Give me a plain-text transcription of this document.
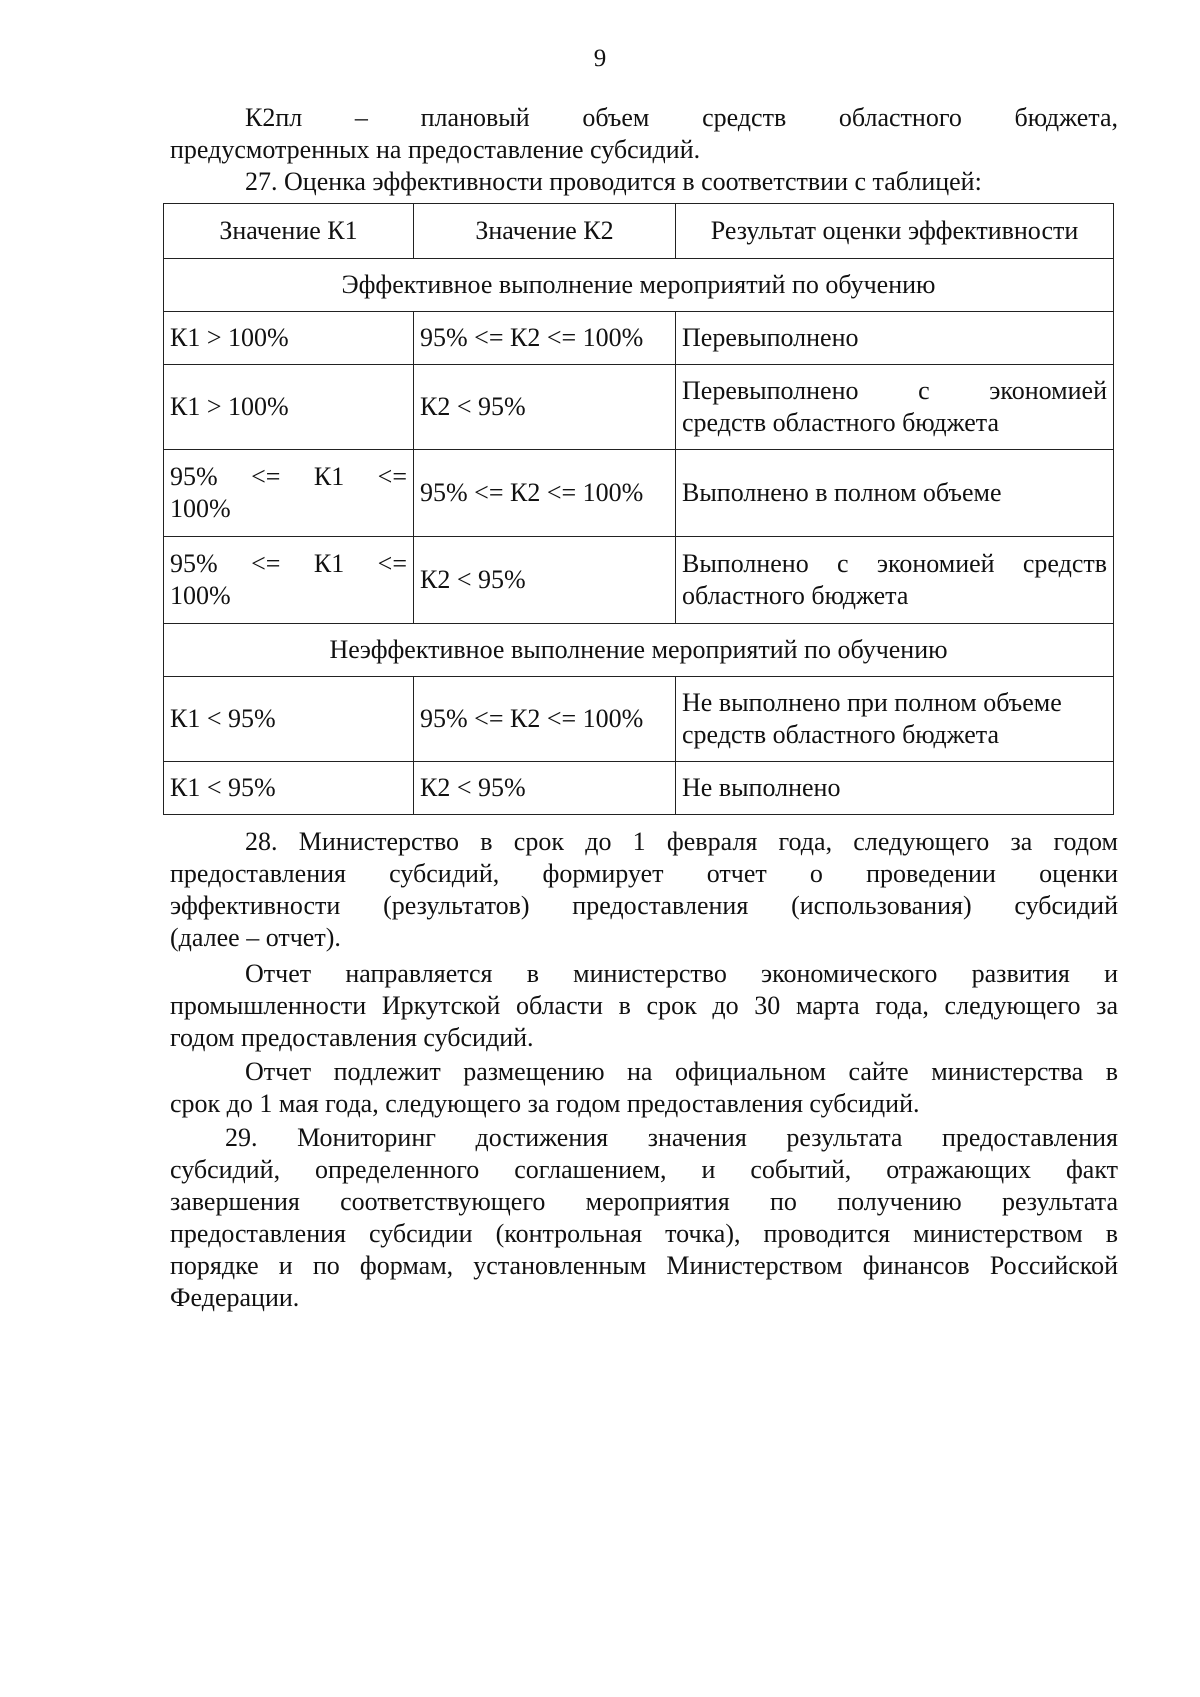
9
К2пл – плановый объем средств областного бюджета,
предусмотренных на предоставление субсидий.
27. Оценка эффективности проводится в соответствии с таблицей:
Значение К1	Значение К2	Результат оценки эффективности
Эффективное выполнение мероприятий по обучению		
К1 > 100%	95% <= К2 <= 100%	Перевыполнено
К1 > 100%	К2 < 95%	Перевыполнено с экономией
средств областного бюджета

95% <= К1 <=
100%	95% <= К2 <= 100%	Выполнено в полном объеме

95% <= К1 <=
100%	К2 < 95%	Выполнено с экономией средств
областного бюджета

Неэффективное выполнение мероприятий по обучению		
К1 < 95%	95% <= К2 <= 100%	Не выполнено при полном объеме
средств областного бюджета

К1 < 95%	К2 < 95%	Не выполнено
28. Министерство в срок до 1 февраля года, следующего за годом
предоставления субсидий, формирует отчет о проведении оценки
эффективности (результатов) предоставления (использования) субсидий
(далее – отчет).
Отчет направляется в министерство экономического развития и
промышленности Иркутской области в срок до 30 марта года, следующего за
годом предоставления субсидий.
Отчет подлежит размещению на официальном сайте министерства в
срок до 1 мая года, следующего за годом предоставления субсидий.
29. Мониторинг достижения значения результата предоставления
субсидий, определенного соглашением, и событий, отражающих факт
завершения соответствующего мероприятия по получению результата
предоставления субсидии (контрольная точка), проводится министерством в
порядке и по формам, установленным Министерством финансов Российской
Федерации.
